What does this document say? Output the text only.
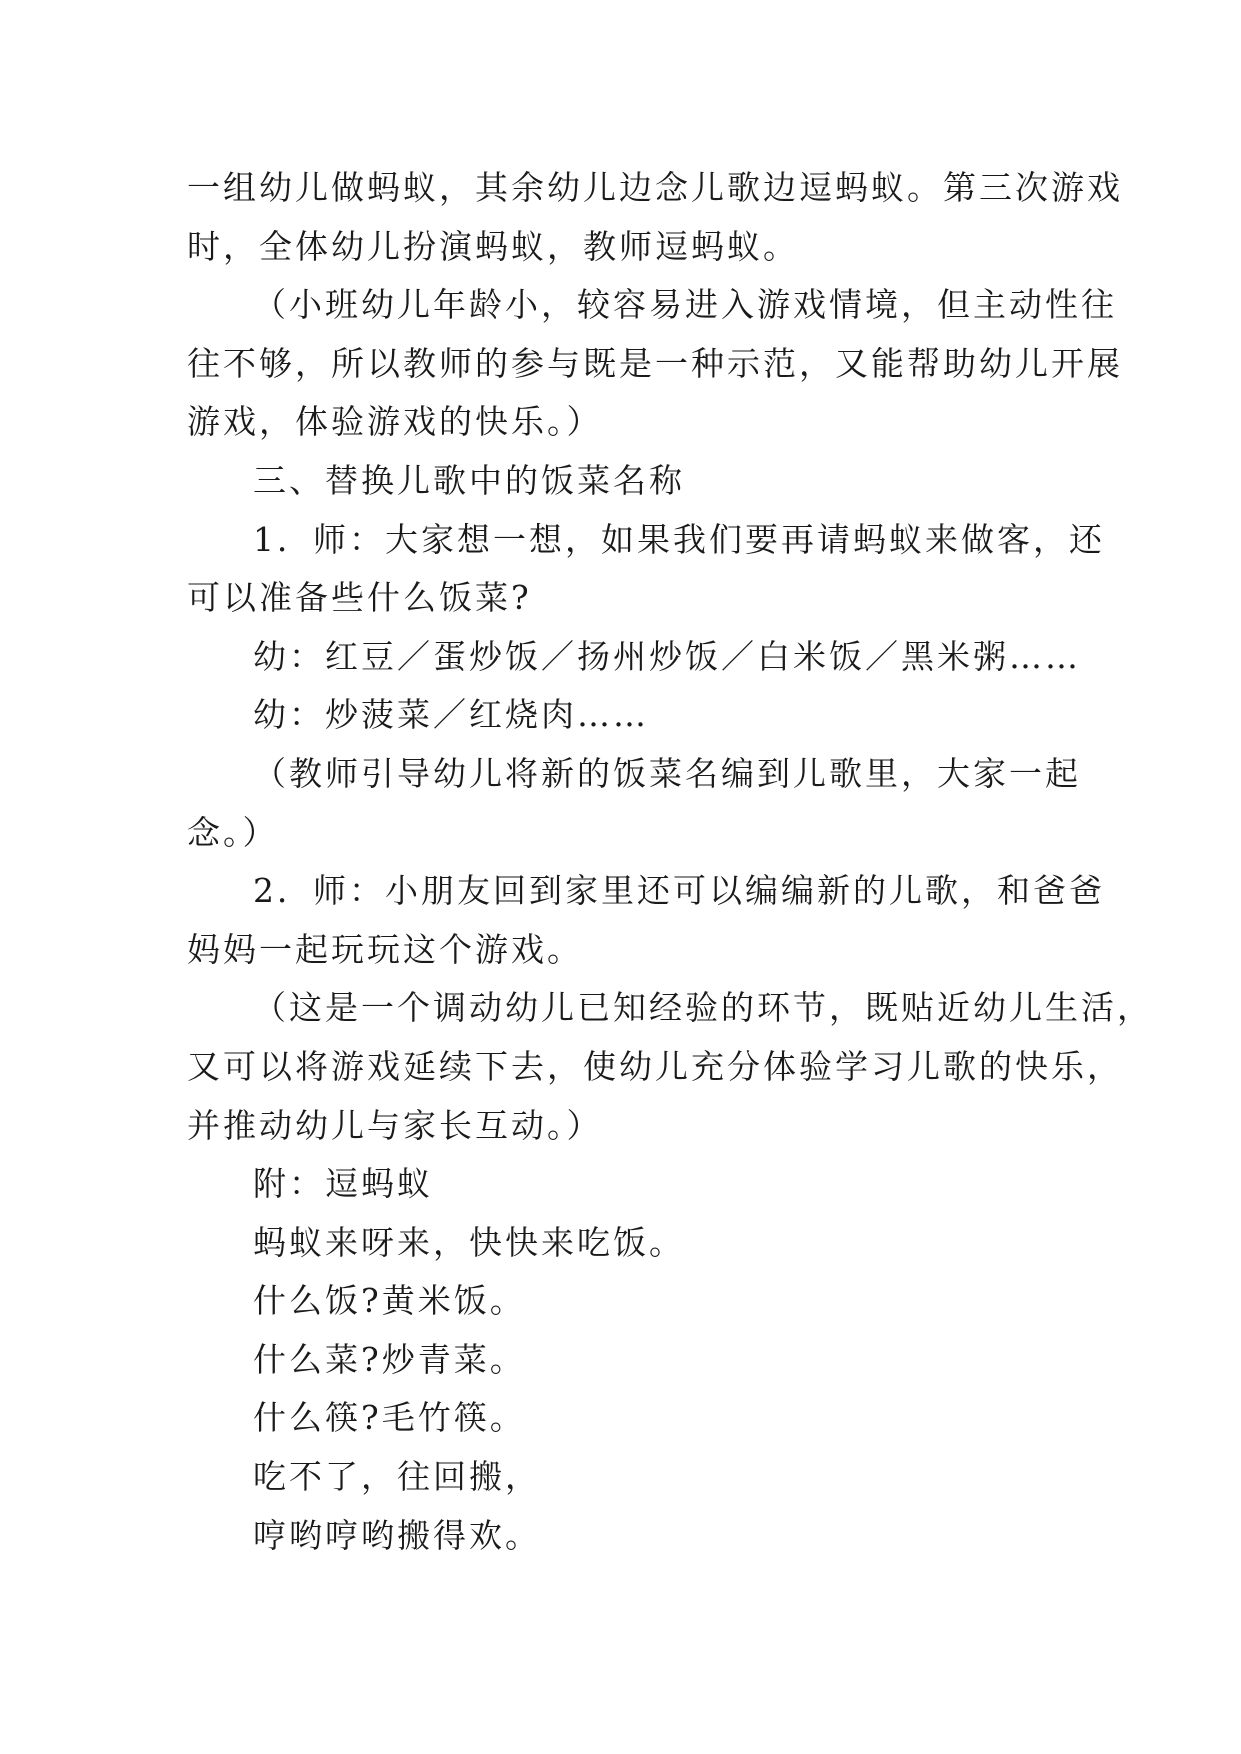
一组幼儿做蚂蚁，其余幼儿边念儿歌边逗蚂蚁。第三次游戏
时，全体幼儿扮演蚂蚁，教师逗蚂蚁。
（小班幼儿年龄小，较容易进入游戏情境，但主动性往
往不够，所以教师的参与既是一种示范，又能帮助幼儿开展
游戏，体验游戏的快乐。）
三、替换儿歌中的饭菜名称
1．师：大家想一想，如果我们要再请蚂蚁来做客，还
可以准备些什么饭菜?
幼：红豆／蛋炒饭／扬州炒饭／白米饭／黑米粥……
幼：炒菠菜／红烧肉……
（教师引导幼儿将新的饭菜名编到儿歌里，大家一起
念。）
2．师：小朋友回到家里还可以编编新的儿歌，和爸爸
妈妈一起玩玩这个游戏。
（这是一个调动幼儿已知经验的环节，既贴近幼儿生活，
又可以将游戏延续下去，使幼儿充分体验学习儿歌的快乐，
并推动幼儿与家长互动。）
附：逗蚂蚁
蚂蚁来呀来，快快来吃饭。
什么饭?黄米饭。
什么菜?炒青菜。
什么筷?毛竹筷。
吃不了，往回搬，
哼哟哼哟搬得欢。
